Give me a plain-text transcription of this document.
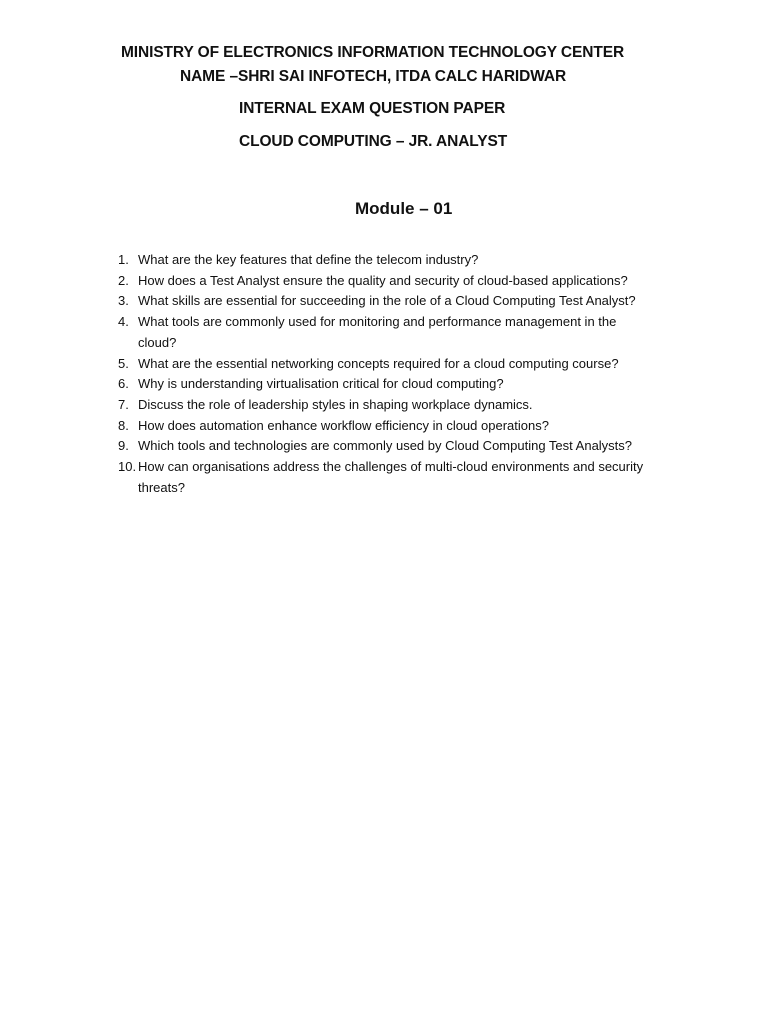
MINISTRY OF ELECTRONICS INFORMATION TECHNOLOGY CENTER
NAME –SHRI SAI INFOTECH, ITDA CALC HARIDWAR
INTERNAL EXAM QUESTION PAPER
CLOUD COMPUTING – JR. ANALYST
Module – 01
1. What are the key features that define the telecom industry?
2. How does a Test Analyst ensure the quality and security of cloud-based applications?
3. What skills are essential for succeeding in the role of a Cloud Computing Test Analyst?
4. What tools are commonly used for monitoring and performance management in the cloud?
5. What are the essential networking concepts required for a cloud computing course?
6. Why is understanding virtualisation critical for cloud computing?
7. Discuss the role of leadership styles in shaping workplace dynamics.
8. How does automation enhance workflow efficiency in cloud operations?
9. Which tools and technologies are commonly used by Cloud Computing Test Analysts?
10. How can organisations address the challenges of multi-cloud environments and security threats?
